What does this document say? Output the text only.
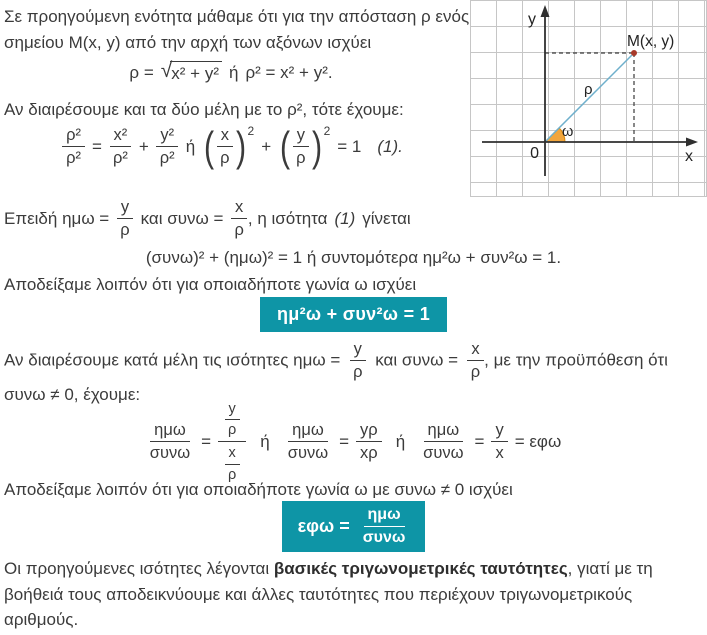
Σε προηγούμενη ενότητα μάθαμε ότι για την απόσταση ρ ενός σημείου M(x, y) από την αρχή των αξόνων ισχύει
ρ = √ x² + y² ή ρ² = x² + y².
Αν διαιρέσουμε και τα δύο μέλη με το ρ², τότε έχουμε:
$\frac{\text{ρ²}}{\text{ρ²}} = \frac{\text{x²}}{\text{ρ²}} + \frac{\text{y²}}{\text{ρ²}}$ ή ( x
ρ ) 2
+ ( y
ρ ) 2
= 1 (1).
Επειδή $\eta\mu\omega = \frac{y}{\rho}$ και $\sigma\upsilon\nu\omega = \frac{x}{\rho}$ , η ισότητα (1) γίνεται
(συνω)² + (ημω)² = 1 ή συντομότερα ημ²ω + συν²ω = 1.
Αποδείξαμε λοιπόν ότι για οποιαδήποτε γωνία ω ισχύει
ημ²ω + συν²ω = 1
Αν διαιρέσουμε κατά μέλη τις ισότητες $\eta\mu\omega = \frac{y}{\rho}$ και $\sigma\upsilon\nu\omega = \frac{x}{\rho}$ , με την προϋπόθεση ότι συνω ≠ 0, έχουμε:
ημω
συνω
= $\frac{\frac{y}{\rho}}{\frac{x}{\rho}}$ ή
ημω
συνω
= $\frac{y\rho}{x\rho}$ ή
ημω
συνω
= $\frac{y}{x} = \varepsilon\varphi\omega$
Αποδείξαμε λοιπόν ότι για οποιαδήποτε γωνία ω με συνω ≠ 0 ισχύει
εφω =
ημω
συνω
Οι προηγούμενες ισότητες λέγονται βασικές τριγωνομετρικές ταυτότητες, γιατί με τη βοήθειά τους αποδεικνύουμε και άλλες ταυτότητες που περιέχουν τριγωνομετρικούς αριθμούς.
y
x
0
M(x, y)
ρ
ω
